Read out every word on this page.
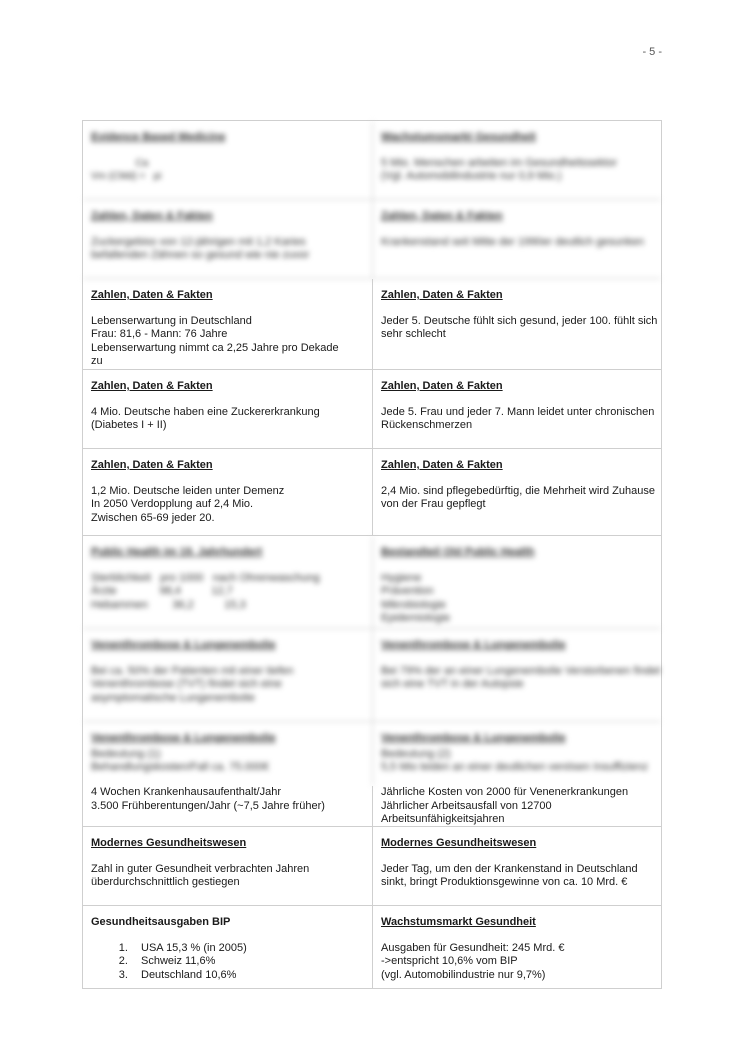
- 5 -
Evidence Based Medicine
Ca
Vm (CMd) =   pi
Wachstumsmarkt Gesundheit
5 Mio. Menschen arbeiten im Gesundheitssektor
(Vgl. Automobilindustrie nur 0,9 Mio.)
Zahlen, Daten & Fakten
Zuckergebiss von 12-jährigen mit 1,2 Karies
befallenden Zähnen so gesund wie nie zuvor
Zahlen, Daten & Fakten
Krankenstand seit Mitte der 1990er deutlich gesunken
Zahlen, Daten & Fakten
Lebenserwartung in Deutschland
Frau: 81,6 - Mann: 76 Jahre
Lebenserwartung nimmt ca 2,25 Jahre pro Dekade
zu
Zahlen, Daten & Fakten
Jeder 5. Deutsche fühlt sich gesund, jeder 100. fühlt sich
sehr schlecht
Zahlen, Daten & Fakten
4 Mio. Deutsche haben eine Zuckererkrankung
(Diabetes I + II)
Zahlen, Daten & Fakten
Jede 5. Frau und jeder 7. Mann leidet unter chronischen
Rückenschmerzen
Zahlen, Daten & Fakten
1,2 Mio. Deutsche leiden unter Demenz
In 2050 Verdopplung auf 2,4 Mio.
Zwischen 65-69 jeder 20.
Zahlen, Daten & Fakten
2,4 Mio. sind pflegebedürftig, die Mehrheit wird Zuhause
von der Frau gepflegt
Public Health im 19. Jahrhundert
Sterblichkeit   pro 1000   nach Ohrenwaschung
Ärzte              98,4          12,7
Hebammen        36,2          15,3
Bestandteil Old Public Health
Hygiene
Prävention
Mikrobiologie
Epidemiologie
Venenthrombose & Lungenembolie
Bei ca. 50% der Patienten mit einer tiefen
Venenthrombose (TVT) findet sich eine
asymptomatische Lungenembolie
Venenthrombose & Lungenembolie
Bei 79% der an einer Lungenembolie Verstorbenen findet
sich eine TVT in der Autopsie
Venenthrombose & Lungenembolie
Bedeutung (1)
Behandlungskosten/Fall ca. 75.000€
Venenthrombose & Lungenembolie
Bedeutung (2)
5,5 Mio leiden an einer deutlichen venösen Insuffizienz
4 Wochen Krankenhausaufenthalt/Jahr
3.500 Frühberentungen/Jahr (~7,5 Jahre früher)
Jährliche Kosten von 2000 für Venenerkrankungen
Jährlicher Arbeitsausfall von 12700
Arbeitsunfähigkeitsjahren
Modernes Gesundheitswesen
Zahl in guter Gesundheit verbrachten Jahren
überdurchschnittlich gestiegen
Modernes Gesundheitswesen
Jeder Tag, um den der Krankenstand in Deutschland
sinkt, bringt Produktionsgewinne von ca. 10 Mrd. €
Gesundheitsausgaben BIP
1. USA 15,3 % (in 2005)
2. Schweiz 11,6%
3. Deutschland 10,6%
Wachstumsmarkt Gesundheit
Ausgaben für Gesundheit: 245 Mrd. €
->entspricht 10,6% vom BIP
(vgl. Automobilindustrie nur 9,7%)
